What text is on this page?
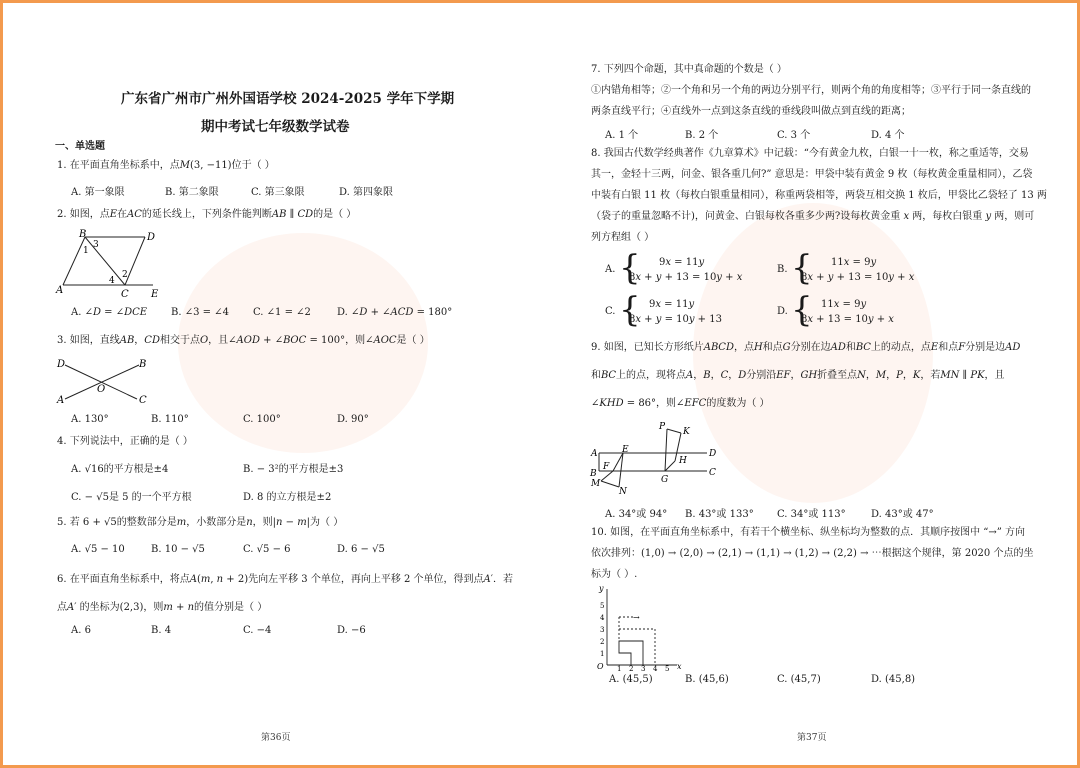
广东省广州市广州外国语学校 2024-2025 学年下学期
期中考试七年级数学试卷
一、单选题
1. 在平面直角坐标系中，点𝑀(3, −11)位于（ ）
A. 第一象限	B. 第二象限	C. 第三象限	D. 第四象限
2. 如图，点𝐸在𝐴𝐶的延长线上，下列条件能判断𝐴𝐵 ∥ 𝐶𝐷的是（ ）
B	D
1
3
4
2
A	C E
A. ∠𝐷 = ∠𝐷𝐶𝐸 B. ∠3 = ∠4 C. ∠1 = ∠2	D. ∠𝐷 + ∠𝐴𝐶𝐷 = 180°
3. 如图，直线𝐴𝐵，𝐶𝐷相交于点𝑂，且∠𝐴𝑂𝐷 + ∠𝐵𝑂𝐶 = 100°，则∠𝐴𝑂𝐶是（ ）
D	B
O
A	C
A. 130°	B. 110°	C. 100°	D. 90°
4. 下列说法中，正确的是（ ）
A. √16的平方根是±4	B. − 3²的平方根是±3
C. − √5是 5 的一个平方根	D. 8 的立方根是±2
5. 若 6 + √5的整数部分是𝑚，小数部分是𝑛，则|𝑛 − 𝑚|为（ ）
A. √5 − 10	B. 10 − √5	C. √5 − 6	D. 6 − √5
6. 在平面直角坐标系中，将点𝐴(𝑚, 𝑛 + 2)先向左平移 3 个单位，再向上平移 2 个单位，得到点𝐴′．若
点𝐴′ 的坐标为(2,3)，则𝑚 + 𝑛的值分别是（ ）
A. 6	B. 4	C. −4	D. −6
第36页
7. 下列四个命题，其中真命题的个数是（ ）
①内错角相等；②一个角和另一个角的两边分别平行，则两个角的角度相等；③平行于同一条直线的
两条直线平行；④直线外一点到这条直线的垂线段叫做点到直线的距离；
A. 1 个	B. 2 个	C. 3 个	D. 4 个
8. 我国古代数学经典著作《九章算术》中记载：“今有黄金九枚，白银一十一枚，称之重适等，交易
其一，金轻十三两，问金、银各重几何?” 意思是：甲袋中装有黄金 9 枚（每枚黄金重量相同），乙袋
中装有白银 11 枚（每枚白银重量相同），称重两袋相等，两袋互相交换 1 枚后，甲袋比乙袋轻了 13 两
（袋子的重量忽略不计)，问黄金、白银每枚各重多少两?设每枚黄金重 𝑥 两，每枚白银重 𝑦 两，则可
列方程组（ ）
A. { 9𝑥 = 11𝑦
8𝑥 + 𝑦 + 13 = 10𝑦 + 𝑥
B. { 11𝑥 = 9𝑦
8𝑥 + 𝑦 + 13 = 10𝑦 + 𝑥
C. { 9𝑥 = 11𝑦
8𝑥 + 𝑦 = 10𝑦 + 13
D. { 11𝑥 = 9𝑦
8𝑥 + 13 = 10𝑦 + 𝑥
9. 如图，已知长方形纸片𝐴𝐵𝐶𝐷，点𝐻和点𝐺分别在边𝐴𝐷和𝐵𝐶上的动点，点𝐸和点𝐹分别是边𝐴𝐷
和𝐵𝐶上的点，现将点𝐴，𝐵，𝐶，𝐷分别沿𝐸𝐹，𝐺𝐻折叠至点𝑁，𝑀，𝑃，𝐾，若𝑀𝑁 ∥ 𝑃𝐾，且
∠𝐾𝐻𝐷 = 86°，则∠𝐸𝐹𝐶的度数为（ ）
P K
A	E	D
H
B
F
C
G
M
N
A. 34°或 94° B. 43°或 133° C. 34°或 113°	D. 43°或 47°
10. 如图，在平面直角坐标系中，有若干个横坐标、纵坐标均为整数的点．其顺序按图中 “→” 方向
依次排列：(1,0) → (2,0) → (2,1) → (1,1) → (1,2) → (2,2) → ⋯根据这个规律，第 2020 个点的坐
标为（ ）.
→
y
x
O 1 2 3 4 5
1
2
3
4
5
A. (45,5)	B. (45,6)	C. (45,7)	D. (45,8)
第37页
